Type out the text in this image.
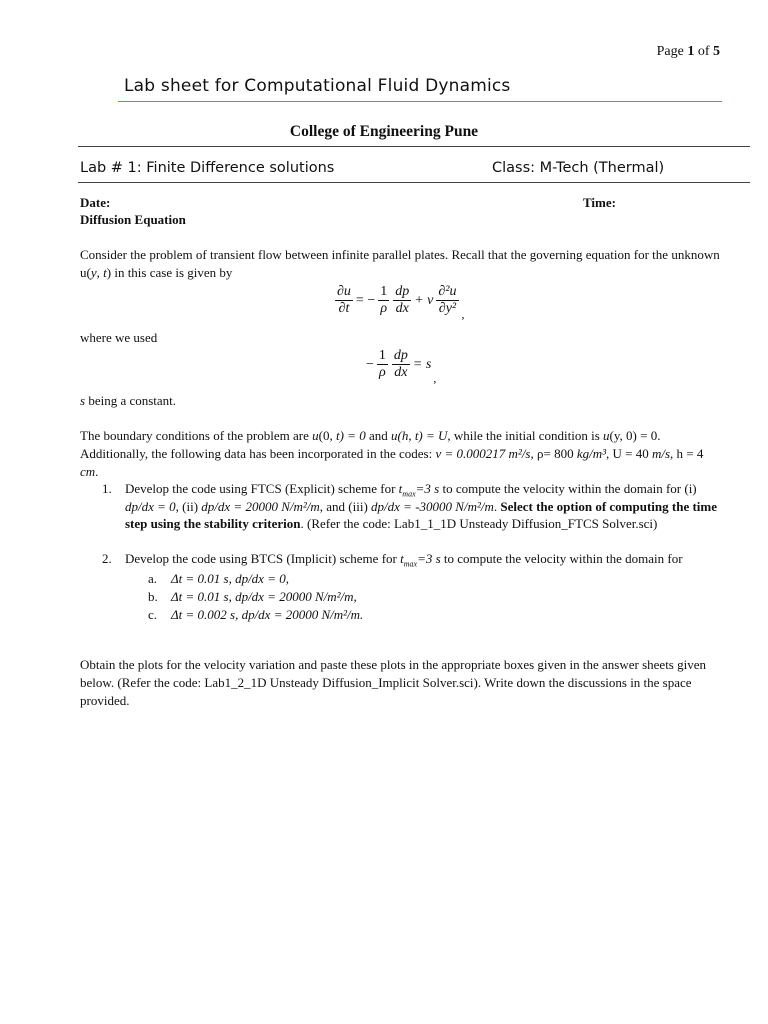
Page 1 of 5
Lab sheet for Computational Fluid Dynamics
College of Engineering Pune
Lab # 1: Finite Difference solutions	Class: M-Tech (Thermal)
Date:	Time:
Diffusion Equation
Consider the problem of transient flow between infinite parallel plates. Recall that the governing equation for the unknown u(y, t) in this case is given by
$\frac{\partial u}{\partial t}$ = − $\frac{1}{\rho} \frac{dp}{dx} + \nu \frac{\text{∂²u}}{\text{∂y²}}$ ,
where we used
− $\frac{1}{\rho} \frac{dp}{dx} = s$,
s being a constant.
The boundary conditions of the problem are u(0, t) = 0 and u(h, t) = U, while the initial condition is u(y, 0) = 0. Additionally, the following data has been incorporated in the codes: ν = 0.000217 m²/s, ρ= 800 kg/m³, U = 40 m/s, h = 4 cm.
1. Develop the code using FTCS (Explicit) scheme for $t_{max}=3$ s to compute the velocity within the domain for (i) dp/dx = 0, (ii) dp/dx = 20000 N/m²/m, and (iii) dp/dx = -30000 N/m²/m. Select the option of computing the time step using the stability criterion. (Refer the code: Lab1_1_1D Unsteady Diffusion_FTCS Solver.sci)
2. Develop the code using BTCS (Implicit) scheme for $t_{max}=3$ s to compute the velocity within the domain for
a. Δt = 0.01 s, dp/dx = 0,
b. Δt = 0.01 s, dp/dx = 20000 N/m²/m,
c. Δt = 0.002 s, dp/dx = 20000 N/m²/m.
Obtain the plots for the velocity variation and paste these plots in the appropriate boxes given in the answer sheets given below. (Refer the code: Lab1_2_1D Unsteady Diffusion_Implicit Solver.sci). Write down the discussions in the space provided.
